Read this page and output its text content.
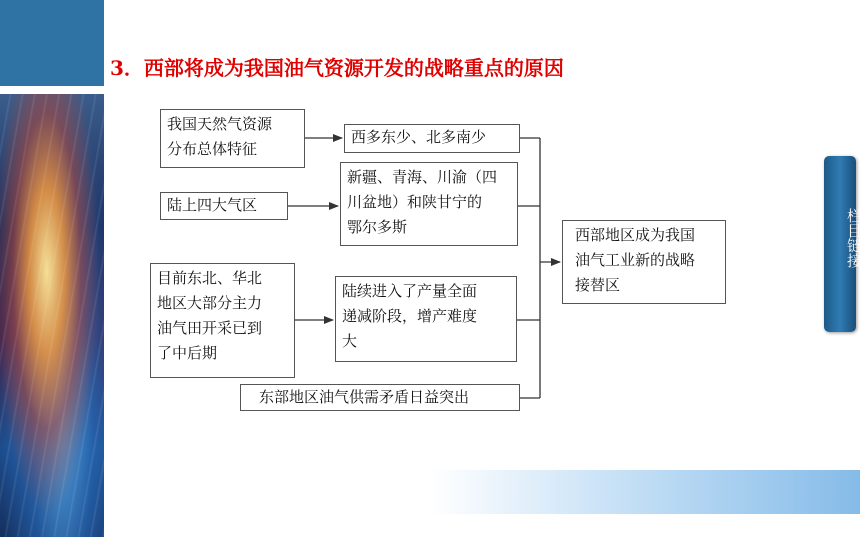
3．西部将成为我国油气资源开发的战略重点的原因
我国天然气资源
分布总体特征
西多东少、北多南少
陆上四大气区
新疆、青海、川渝（四
川盆地）和陕甘宁的
鄂尔多斯
目前东北、华北
地区大部分主力
油气田开采已到
了中后期
陆续进入了产量全面
递减阶段，增产难度
大
东部地区油气供需矛盾日益突出
西部地区成为我国
油气工业新的战略
接替区
栏目链接
